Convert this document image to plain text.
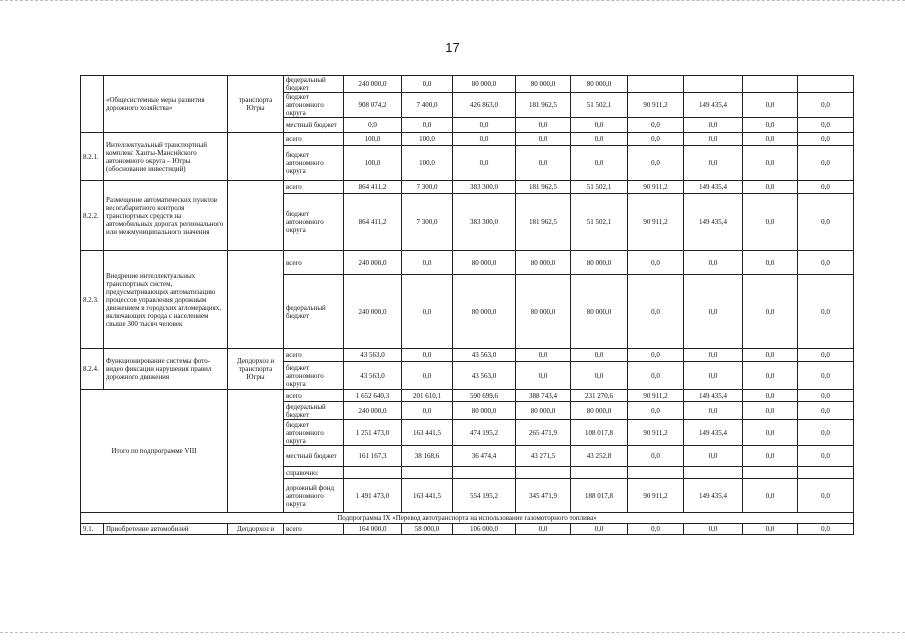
17
	«Общесистемные меры развития дорожного хозяйства»	транспорта Югры	федеральный бюджет	240 000,0	0,0	80 000,0	80 000,0	80 000,0				
			бюджет автономного округа	908 074,2	7 400,0	426 863,0	181 962,5	51 502,1	90 911,2	149 435,4	0,0	0,0
			местный бюджет	0,0	0,0	0,0	0,0	0,0	0,0	0,0	0,0	0,0
8.2.1.	Интеллектуальный транспортный комплекс Ханты-Мансийского автономного округа – Югры (обоснование инвестиций)		всего	100,0	100,0	0,0	0,0	0,0	0,0	0,0	0,0	0,0
			бюджет автономного округа	100,0	100,0	0,0	0,0	0,0	0,0	0,0	0,0	0,0
8.2.2.	Размещение автоматических пунктов весогабаритного контроля транспортных средств на автомобильных дорогах регионального или межмуниципального значения		всего	864 411,2	7 300,0	383 300,0	181 962,5	51 502,1	90 911,2	149 435,4	0,0	0,0
			бюджет автономного округа	864 411,2	7 300,0	383 300,0	181 962,5	51 502,1	90 911,2	149 435,4	0,0	0,0
8.2.3.	Внедрение интеллектуальных транспортных систем, предусматривающих автоматизацию процессов управления дорожным движением в городских агломерациях, включающих города с населением свыше 300 тысяч человек		всего	240 000,0	0,0	80 000,0	80 000,0	80 000,0	0,0	0,0	0,0	0,0
			федеральный бюджет	240 000,0	0,0	80 000,0	80 000,0	80 000,0	0,0	0,0	0,0	0,0
8.2.4.	Функционирование системы фото-видео фиксации нарушения правил дорожного движения	Депдорхоз и транспорта Югры	всего	43 563,0	0,0	43 563,0	0,0	0,0	0,0	0,0	0,0	0,0
			бюджет автономного округа	43 563,0	0,0	43 563,0	0,0	0,0	0,0	0,0	0,0	0,0
Итого по подпрограмме VIII			всего	1 652 640,3	201 610,1	590 699,6	388 743,4	231 270,6	90 911,2	149 435,4	0,0	0,0
			федеральный бюджет	240 000,0	0,0	80 000,0	80 000,0	80 000,0	0,0	0,0	0,0	0,0
			бюджет автономного округа	1 251 473,0	163 441,5	474 195,2	265 471,9	108 017,8	90 911,2	149 435,4	0,0	0,0
			местный бюджет	161 167,3	38 168,6	36 474,4	43 271,5	43 252,8	0,0	0,0	0,0	0,0
			справочно:									
			дорожный фонд автономного округа	1 491 473,0	163 441,5	554 195,2	345 471,9	188 017,8	90 911,2	149 435,4	0,0	0,0
Подпрограмма IX «Перевод автотранспорта на использование газомоторного топлива»												
9.1.	Приобретение автомобилей	Депдорхоз и	всего	164 000,0	58 000,0	106 000,0	0,0	0,0	0,0	0,0	0,0	0,0
